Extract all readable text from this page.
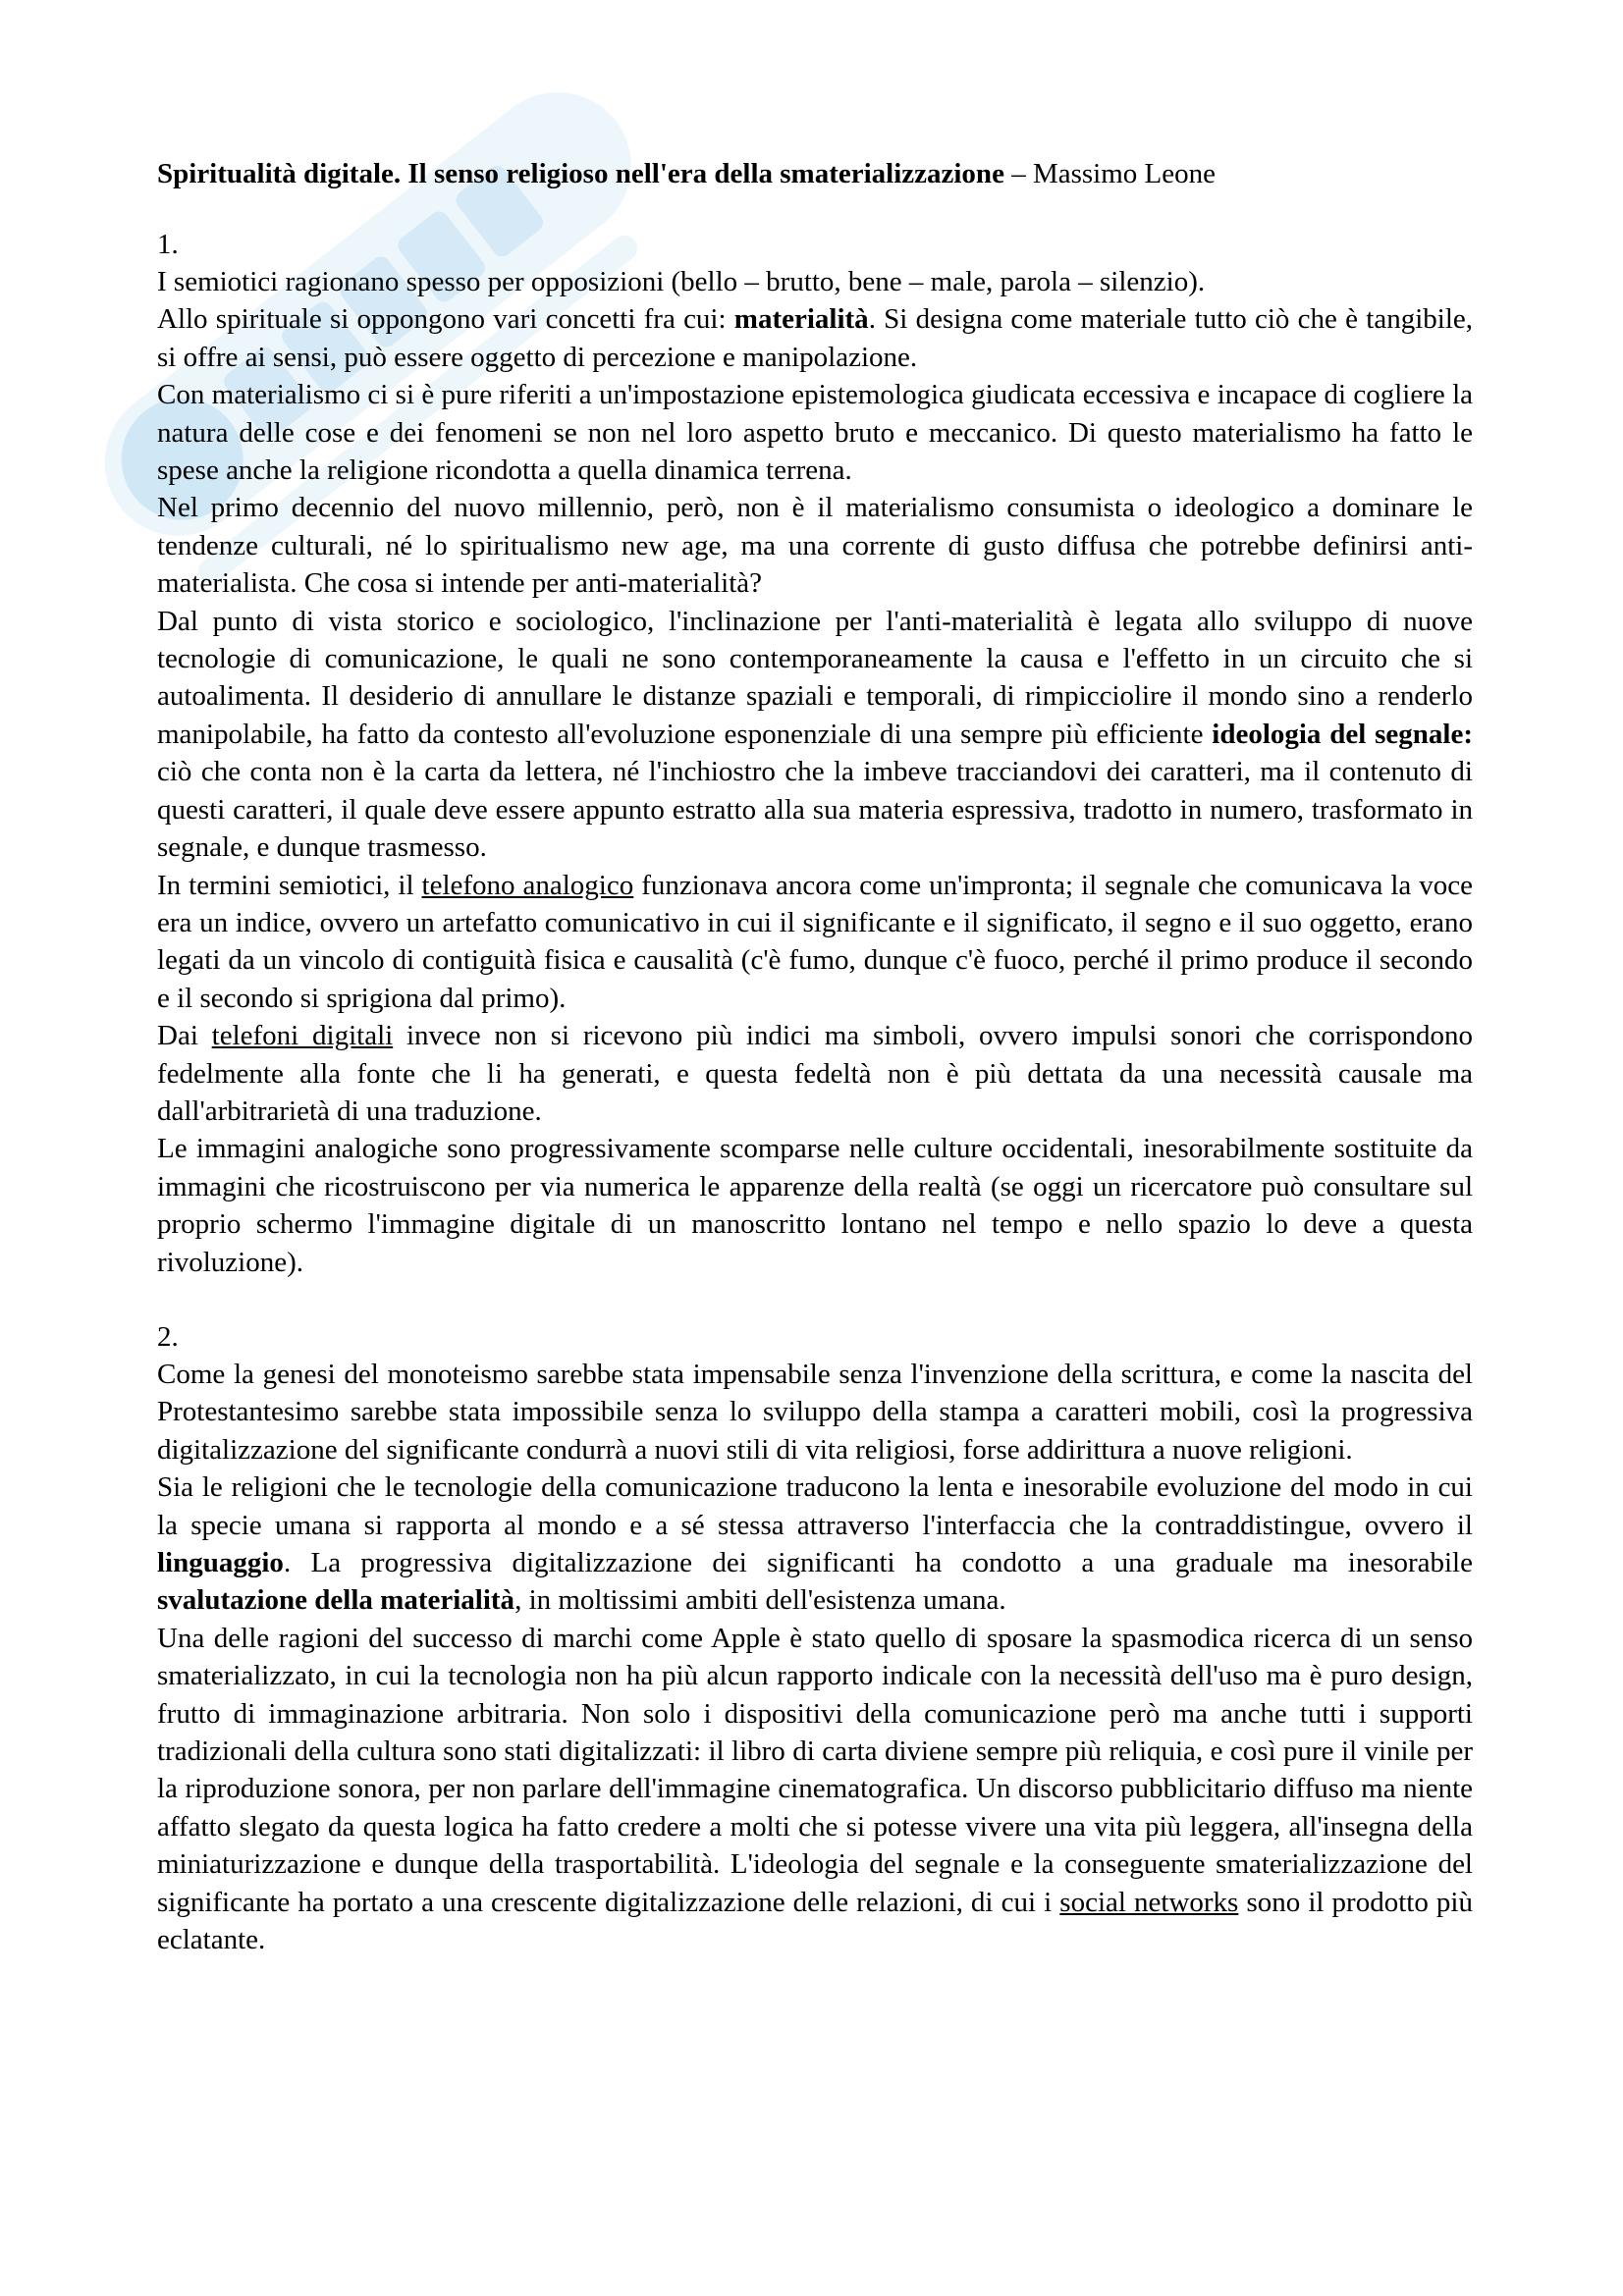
Spiritualità digitale. Il senso religioso nell'era della smaterializzazione – Massimo Leone
1.

I semiotici ragionano spesso per opposizioni (bello – brutto, bene – male, parola – silenzio).

Allo spirituale si oppongono vari concetti fra cui: materialità. Si designa come materiale tutto ciò che è tangibile, si offre ai sensi, può essere oggetto di percezione e manipolazione.

Con materialismo ci si è pure riferiti a un'impostazione epistemologica giudicata eccessiva e incapace di cogliere la natura delle cose e dei fenomeni se non nel loro aspetto bruto e meccanico. Di questo materialismo ha fatto le spese anche la religione ricondotta a quella dinamica terrena.

Nel primo decennio del nuovo millennio, però, non è il materialismo consumista o ideologico a dominare le tendenze culturali, né lo spiritualismo new age, ma una corrente di gusto diffusa che potrebbe definirsi anti-materialista. Che cosa si intende per anti-materialità?

Dal punto di vista storico e sociologico, l'inclinazione per l'anti-materialità è legata allo sviluppo di nuove tecnologie di comunicazione, le quali ne sono contemporaneamente la causa e l'effetto in un circuito che si autoalimenta. Il desiderio di annullare le distanze spaziali e temporali, di rimpicciolire il mondo sino a renderlo manipolabile, ha fatto da contesto all'evoluzione esponenziale di una sempre più efficiente ideologia del segnale: ciò che conta non è la carta da lettera, né l'inchiostro che la imbeve tracciandovi dei caratteri, ma il contenuto di questi caratteri, il quale deve essere appunto estratto alla sua materia espressiva, tradotto in numero, trasformato in segnale, e dunque trasmesso.

In termini semiotici, il telefono analogico funzionava ancora come un'impronta; il segnale che comunicava la voce era un indice, ovvero un artefatto comunicativo in cui il significante e il significato, il segno e il suo oggetto, erano legati da un vincolo di contiguità fisica e causalità (c'è fumo, dunque c'è fuoco, perché il primo produce il secondo e il secondo si sprigiona dal primo).

Dai telefoni digitali invece non si ricevono più indici ma simboli, ovvero impulsi sonori che corrispondono fedelmente alla fonte che li ha generati, e questa fedeltà non è più dettata da una necessità causale ma dall'arbitrarietà di una traduzione.

Le immagini analogiche sono progressivamente scomparse nelle culture occidentali, inesorabilmente sostituite da immagini che ricostruiscono per via numerica le apparenze della realtà (se oggi un ricercatore può consultare sul proprio schermo l'immagine digitale di un manoscritto lontano nel tempo e nello spazio lo deve a questa rivoluzione).

2.

Come la genesi del monoteismo sarebbe stata impensabile senza l'invenzione della scrittura, e come la nascita del Protestantesimo sarebbe stata impossibile senza lo sviluppo della stampa a caratteri mobili, così la progressiva digitalizzazione del significante condurrà a nuovi stili di vita religiosi, forse addirittura a nuove religioni.

Sia le religioni che le tecnologie della comunicazione traducono la lenta e inesorabile evoluzione del modo in cui la specie umana si rapporta al mondo e a sé stessa attraverso l'interfaccia che la contraddistingue, ovvero il linguaggio. La progressiva digitalizzazione dei significanti ha condotto a una graduale ma inesorabile svalutazione della materialità, in moltissimi ambiti dell'esistenza umana.

Una delle ragioni del successo di marchi come Apple è stato quello di sposare la spasmodica ricerca di un senso smaterializzato, in cui la tecnologia non ha più alcun rapporto indicale con la necessità dell'uso ma è puro design, frutto di immaginazione arbitraria. Non solo i dispositivi della comunicazione però ma anche tutti i supporti tradizionali della cultura sono stati digitalizzati: il libro di carta diviene sempre più reliquia, e così pure il vinile per la riproduzione sonora, per non parlare dell'immagine cinematografica. Un discorso pubblicitario diffuso ma niente affatto slegato da questa logica ha fatto credere a molti che si potesse vivere una vita più leggera, all'insegna della miniaturizzazione e dunque della trasportabilità. L'ideologia del segnale e la conseguente smaterializzazione del significante ha portato a una crescente digitalizzazione delle relazioni, di cui i social networks sono il prodotto più eclatante.
